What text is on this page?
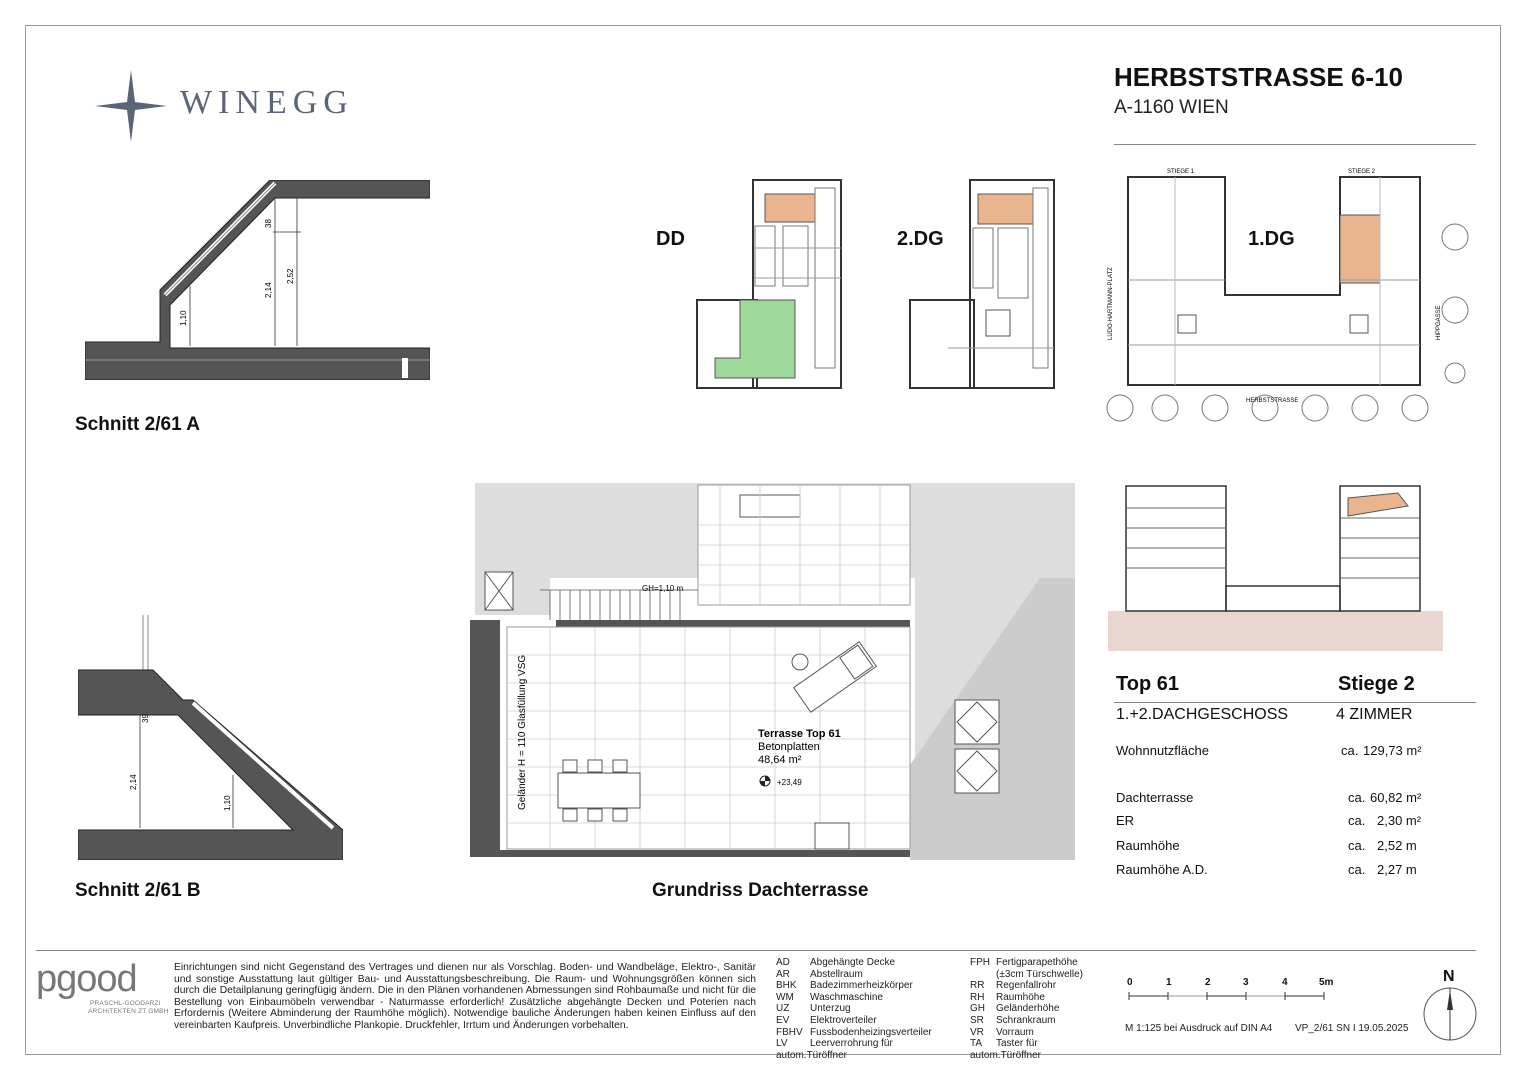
WINEGG
HERBSTSTRASSE 6-10
A-1160 WIEN
38
2,14
2,52
1,10
Schnitt 2/61 A
39
2,14
1,10
Schnitt 2/61 B
DD	2.DG
STIEGE 1	STIEGE 2
LUDO-HARTMANN-PLATZ	HIPPGASSE
HERBSTSTRASSE
1.DG
Terrasse Top 61
Betonplatten
48,64 m²
+23,49
GH=1,10 m
Geländer H = 110 Glasfüllung VSG
Grundriss Dachterrasse
Top 61	Stiege 2
1.+2.DACHGESCHOSS	4 ZIMMER
Wohnnutzfläche	ca. 129,73 m²
Dachterrasse	ca. 60,82 m²
ER	ca. 2,30 m²
Raumhöhe	ca. 2,52 m
Raumhöhe A.D.	ca. 2,27 m
pgood
PRASCHL-GOODARZI
ARCHITEKTEN ZT GMBH
Einrichtungen sind nicht Gegenstand des Vertrages und dienen nur als Vorschlag. Boden- und Wandbeläge, Elektro-, Sanitär und sonstige Ausstattung laut gültiger Bau- und Ausstattungsbeschreibung. Die Raum- und Wohnungsgrößen können sich durch die Detailplanung geringfügig ändern. Die in den Plänen vorhandenen Abmessungen sind Rohbaumaße und nicht für die Bestellung von Einbaumöbeln verwendbar - Naturmasse erforderlich! Zusätzliche abgehängte Decken und Poterien nach Erfordernis (Weitere Abminderung der Raumhöhe möglich). Notwendige bauliche Änderungen haben keinen Einfluss auf den vereinbarten Kaufpreis. Unverbindliche Plankopie. Druckfehler, Irrtum und Änderungen vorbehalten.
AD Abgehängte Decke
AR Abstellraum
BHK Badezimmerheizkörper
WM Waschmaschine
UZ Unterzug
EV Elektroverteiler
FBHV Fussbodenheizingsverteiler
LV Leerverrohrung für autom.Türöffner
FPH Fertigparapethöhe
(±3cm Türschwelle)
RR Regenfallrohr
RH Raumhöhe
GH Geländerhöhe
SR Schrankraum
VR Vorraum
TA Taster für autom.Türöffner
0	1	2	3	4	5m	N
M 1:125 bei Ausdruck auf DIN A4 VP_2/61 SN I 19.05.2025
